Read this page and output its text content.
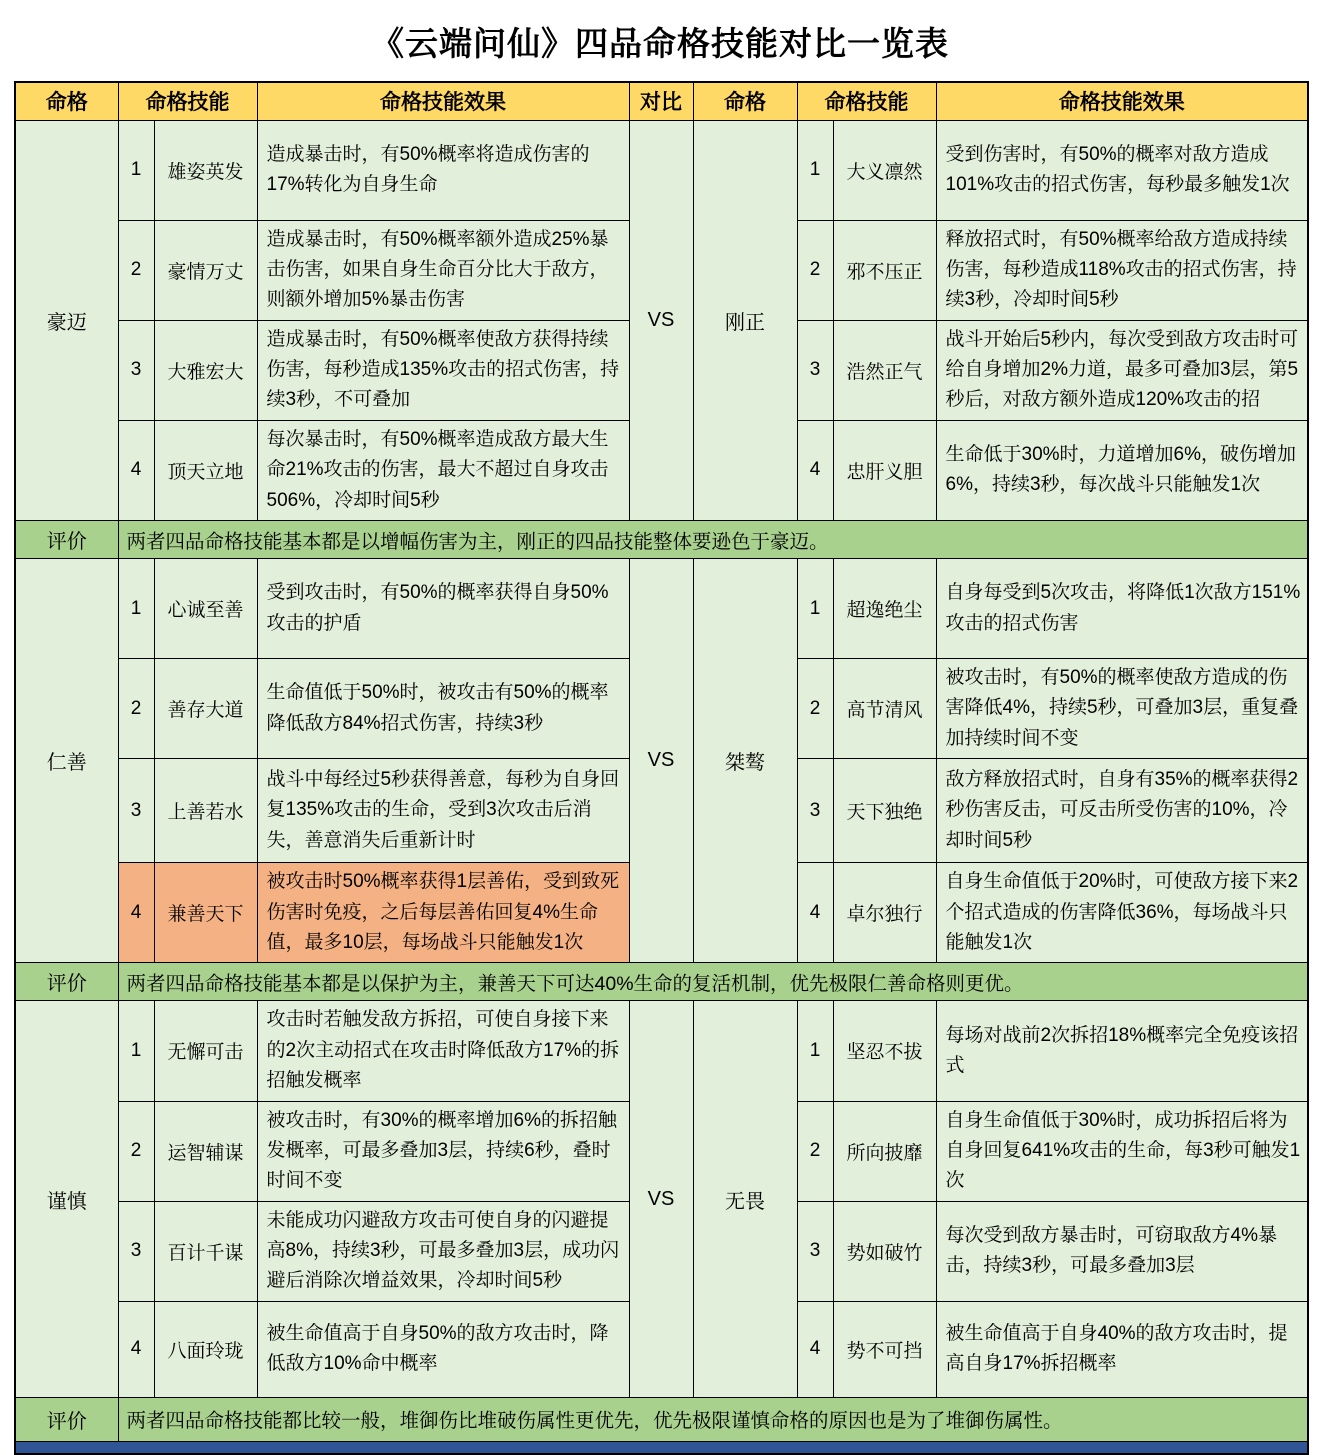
《云端问仙》四品命格技能对比一览表
命格	命格技能		命格技能效果	对比	命格	命格技能		命格技能效果
豪迈	1	雄姿英发	造成暴击时，有50%概率将造成伤害的17%转化为自身生命	VS	刚正	1	大义凛然	受到伤害时，有50%的概率对敌方造成101%攻击的招式伤害，每秒最多触发1次
	2	豪情万丈	造成暴击时，有50%概率额外造成25%暴击伤害，如果自身生命百分比大于敌方，则额外增加5%暴击伤害			2	邪不压正	释放招式时，有50%概率给敌方造成持续伤害，每秒造成118%攻击的招式伤害，持续3秒，冷却时间5秒
	3	大雅宏大	造成暴击时，有50%概率使敌方获得持续伤害，每秒造成135%攻击的招式伤害，持续3秒，不可叠加			3	浩然正气	战斗开始后5秒内，每次受到敌方攻击时可给自身增加2%力道，最多可叠加3层，第5秒后，对敌方额外造成120%攻击的招
	4	顶天立地	每次暴击时，有50%概率造成敌方最大生命21%攻击的伤害，最大不超过自身攻击506%，冷却时间5秒			4	忠肝义胆	生命低于30%时，力道增加6%，破伤增加6%，持续3秒，每次战斗只能触发1次
评价	两者四品命格技能基本都是以增幅伤害为主，刚正的四品技能整体要逊色于豪迈。							
仁善	1	心诚至善	受到攻击时，有50%的概率获得自身50%攻击的护盾	VS	桀骜	1	超逸绝尘	自身每受到5次攻击，将降低1次敌方151%攻击的招式伤害
	2	善存大道	生命值低于50%时，被攻击有50%的概率降低敌方84%招式伤害，持续3秒			2	高节清风	被攻击时，有50%的概率使敌方造成的伤害降低4%，持续5秒，可叠加3层，重复叠加持续时间不变
	3	上善若水	战斗中每经过5秒获得善意，每秒为自身回复135%攻击的生命，受到3次攻击后消失，善意消失后重新计时			3	天下独绝	敌方释放招式时，自身有35%的概率获得2秒伤害反击，可反击所受伤害的10%，冷却时间5秒
	4	兼善天下	被攻击时50%概率获得1层善佑，受到致死伤害时免疫，之后每层善佑回复4%生命值，最多10层，每场战斗只能触发1次			4	卓尔独行	自身生命值低于20%时，可使敌方接下来2个招式造成的伤害降低36%，每场战斗只能触发1次
评价	两者四品命格技能基本都是以保护为主，兼善天下可达40%生命的复活机制，优先极限仁善命格则更优。							
谨慎	1	无懈可击	攻击时若触发敌方拆招，可使自身接下来的2次主动招式在攻击时降低敌方17%的拆招触发概率	VS	无畏	1	坚忍不拔	每场对战前2次拆招18%概率完全免疫该招式
	2	运智辅谋	被攻击时，有30%的概率增加6%的拆招触发概率，可最多叠加3层，持续6秒，叠时时间不变			2	所向披靡	自身生命值低于30%时，成功拆招后将为自身回复641%攻击的生命，每3秒可触发1次
	3	百计千谋	未能成功闪避敌方攻击可使自身的闪避提高8%，持续3秒，可最多叠加3层，成功闪避后消除次增益效果，冷却时间5秒			3	势如破竹	每次受到敌方暴击时，可窃取敌方4%暴击，持续3秒，可最多叠加3层
	4	八面玲珑	被生命值高于自身50%的敌方攻击时，降低敌方10%命中概率			4	势不可挡	被生命值高于自身40%的敌方攻击时，提高自身17%拆招概率
评价	两者四品命格技能都比较一般，堆御伤比堆破伤属性更优先，优先极限谨慎命格的原因也是为了堆御伤属性。							
